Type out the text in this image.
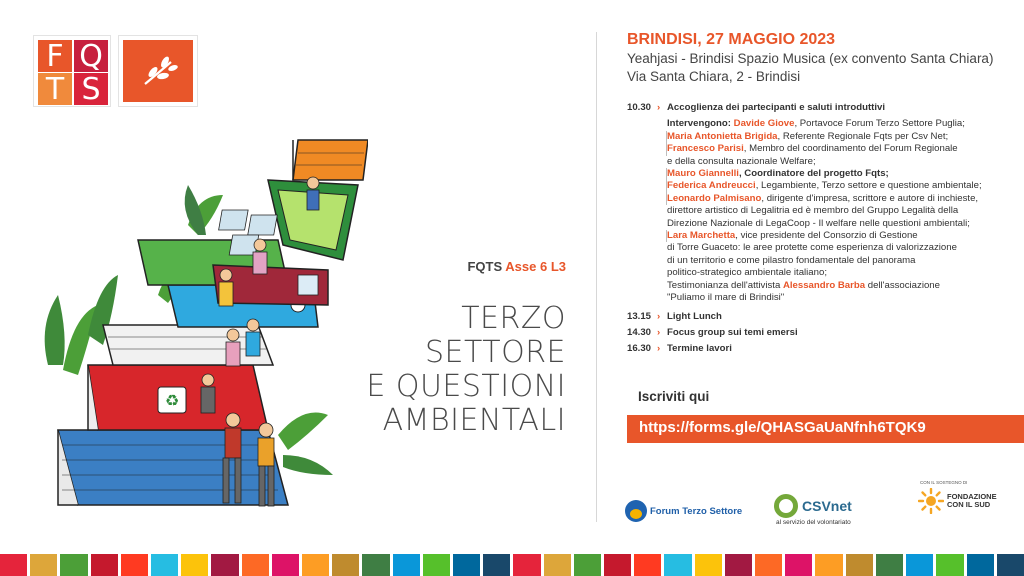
F Q
T S
♻
FQTS Asse 6 L3
TERZO
SETTORE
E QUESTIONI
AMBIENTALI
BRINDISI, 27 MAGGIO 2023
Yeahjasi - Brindisi Spazio Musica (ex convento Santa Chiara)
Via Santa Chiara, 2 - Brindisi
10.30 › Accoglienza dei partecipanti e saluti introduttivi
Intervengono: Davide Giove, Portavoce Forum Terzo Settore Puglia;
Maria Antonietta Brigida, Referente Regionale Fqts per Csv Net;
Francesco Parisi, Membro del coordinamento del Forum Regionale
e della consulta nazionale Welfare;
Mauro Giannelli, Coordinatore del progetto Fqts;
Federica Andreucci, Legambiente, Terzo settore e questione ambientale;
Leonardo Palmisano, dirigente d'impresa, scrittore e autore di inchieste,
direttore artistico di Legalitria ed è membro del Gruppo Legalità della
Direzione Nazionale di LegaCoop - Il welfare nelle questioni ambientali;
Lara Marchetta, vice presidente del Consorzio di Gestione
di Torre Guaceto: le aree protette come esperienza di valorizzazione
di un territorio e come pilastro fondamentale del panorama
politico-strategico ambientale italiano;
Testimonianza dell'attivista Alessandro Barba dell'associazione
"Puliamo il mare di Brindisi"
13.15 › Light Lunch
14.30 › Focus group sui temi emersi
16.30 › Termine lavori
Iscriviti qui
https://forms.gle/QHASGaUaNfnh6TQK9
Forum Terzo Settore	CSVnet
al servizio del volontariato
CON IL SOSTEGNO DI
FONDAZIONE
CON IL SUD
